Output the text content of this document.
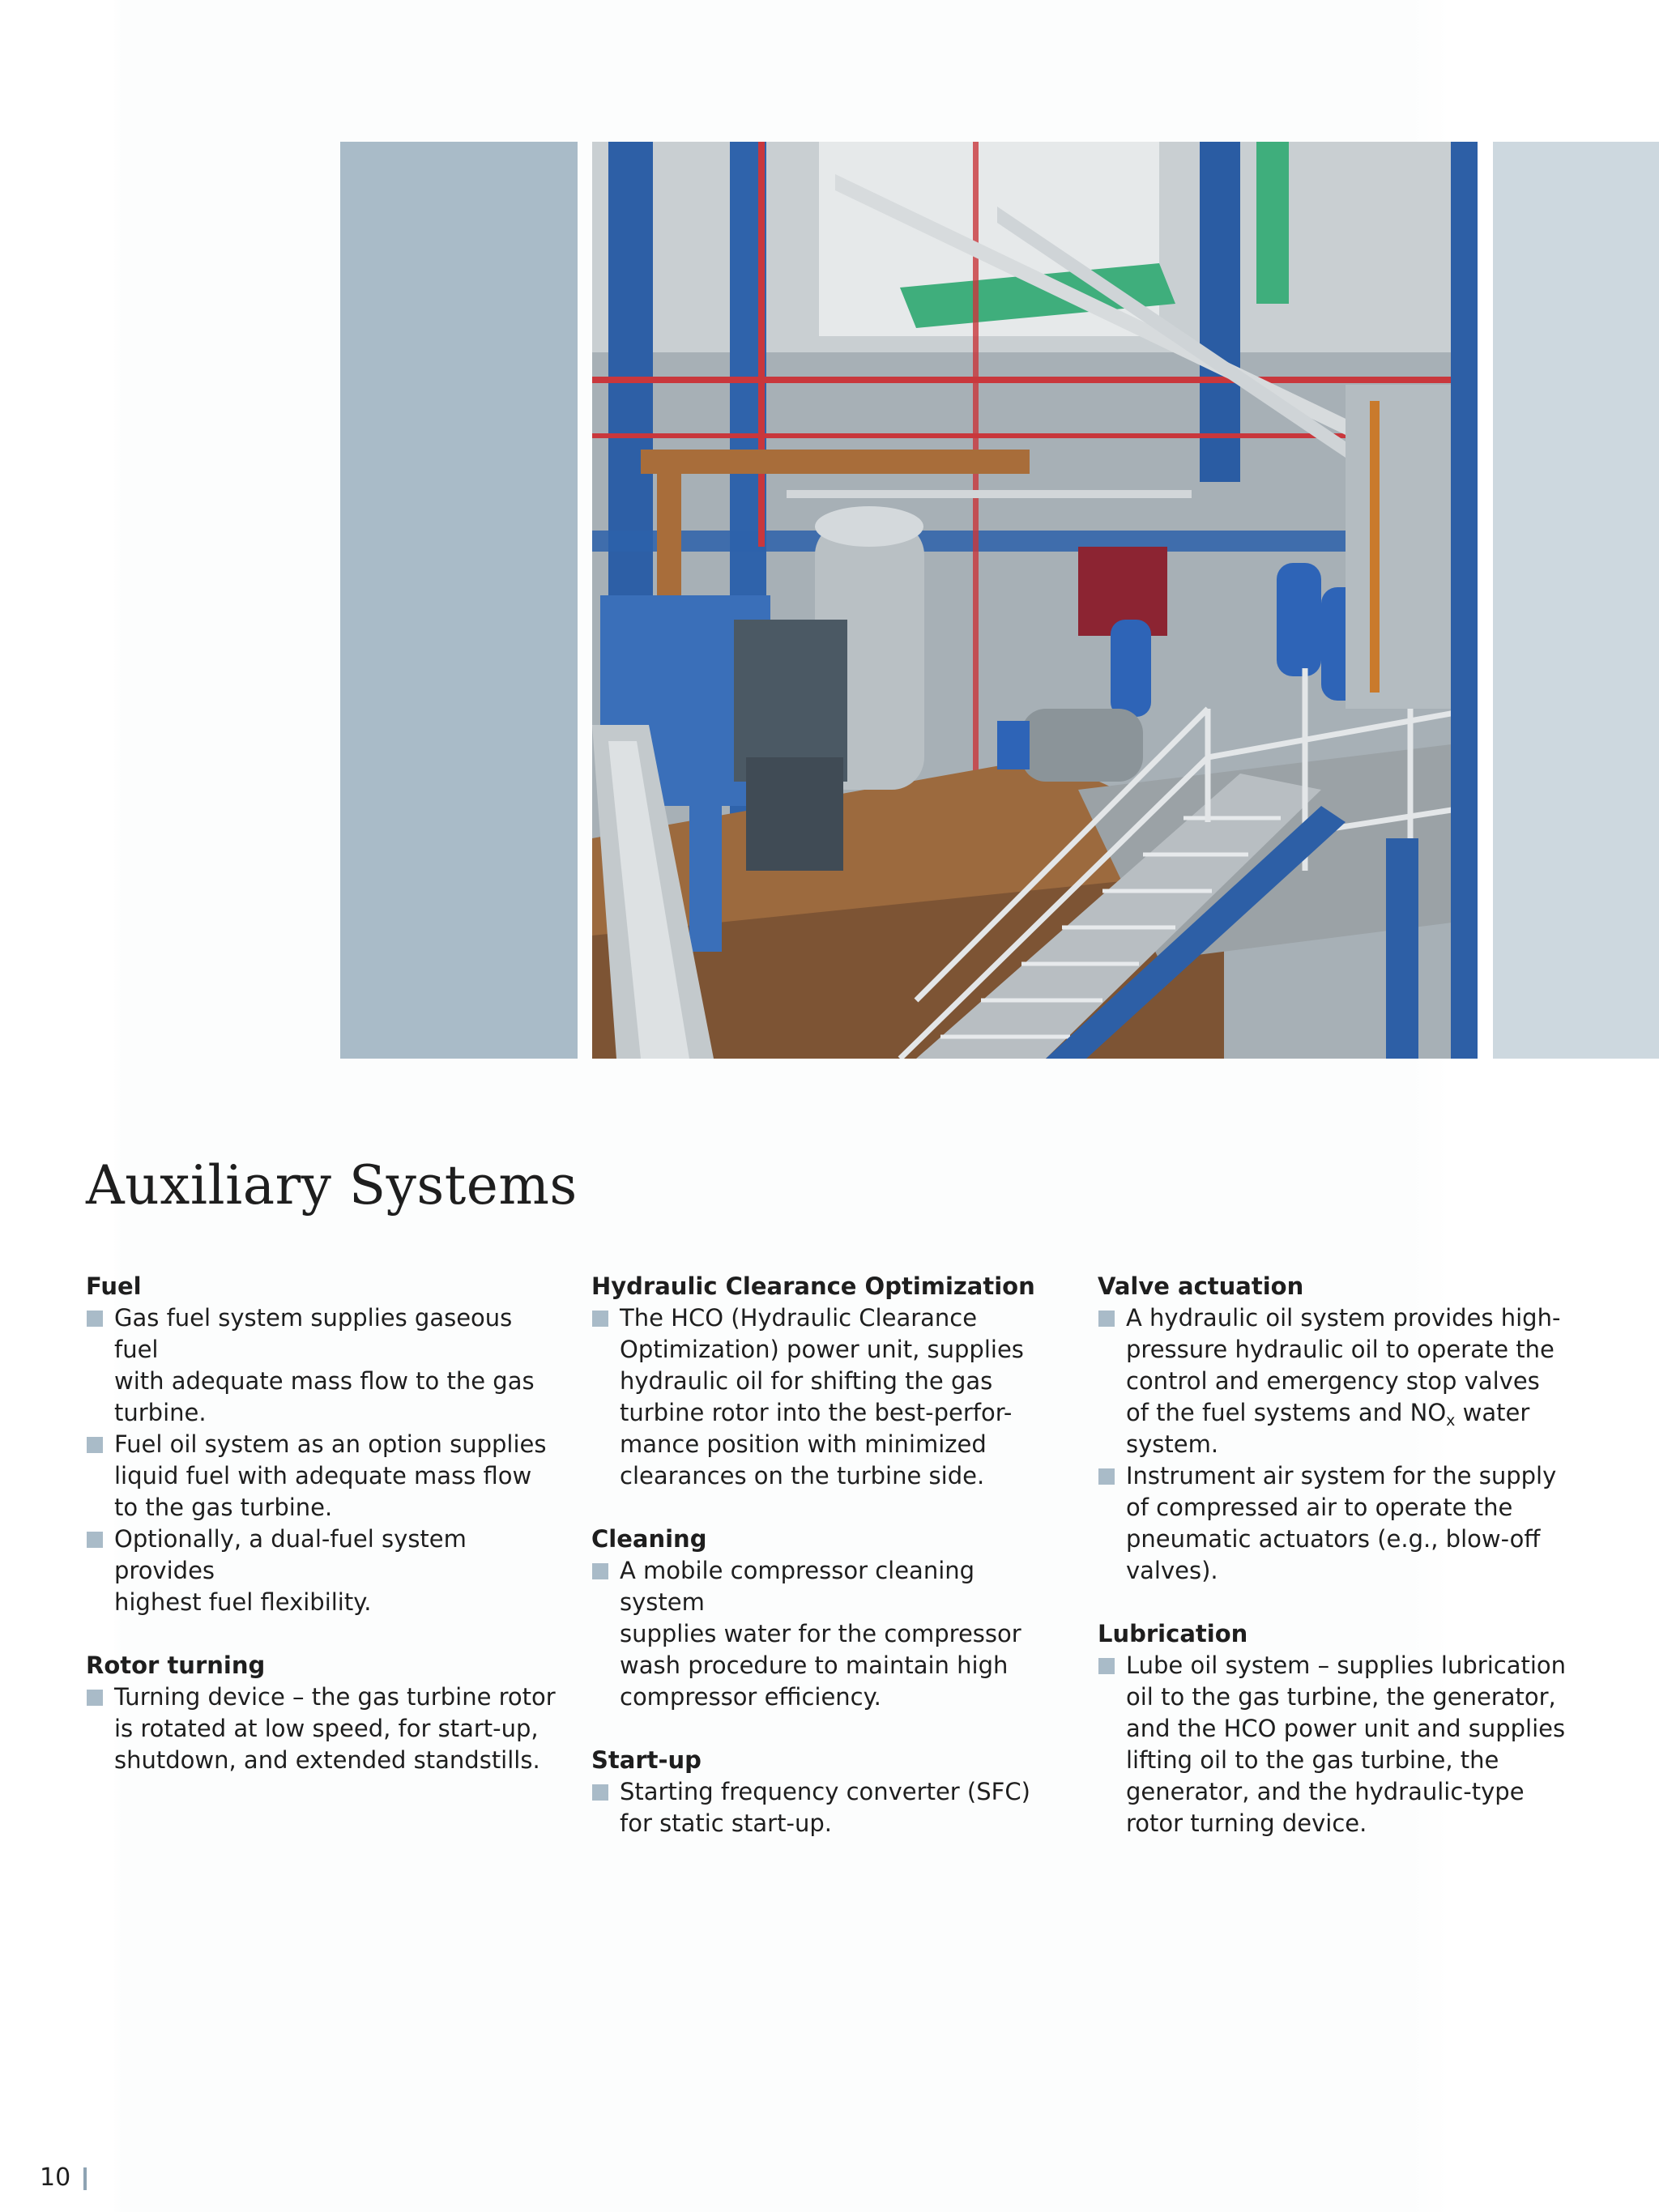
Auxiliary Systems
Fuel
Gas fuel system supplies gaseous fuel
with adequate mass flow to the gas
turbine.
Fuel oil system as an option supplies
liquid fuel with adequate mass flow
to the gas turbine.
Optionally, a dual-fuel system provides
highest fuel flexibility.
Rotor turning
Turning device – the gas turbine rotor
is rotated at low speed, for start-up,
shutdown, and extended standstills.
Hydraulic Clearance Optimization
The HCO (Hydraulic Clearance
Optimization) power unit, supplies
hydraulic oil for shifting the gas
turbine rotor into the best-perfor-
mance position with minimized
clearances on the turbine side.
Cleaning
A mobile compressor cleaning system
supplies water for the compressor
wash procedure to maintain high
compressor efficiency.
Start-up
Starting frequency converter (SFC)
for static start-up.
Valve actuation
A hydraulic oil system provides high-
pressure hydraulic oil to operate the
control and emergency stop valves
of the fuel systems and $NO_x$ water
system.
Instrument air system for the supply
of compressed air to operate the
pneumatic actuators (e.g., blow-off
valves).
Lubrication
Lube oil system – supplies lubrication
oil to the gas turbine, the generator,
and the HCO power unit and supplies
lifting oil to the gas turbine, the
generator, and the hydraulic-type
rotor turning device.
10
